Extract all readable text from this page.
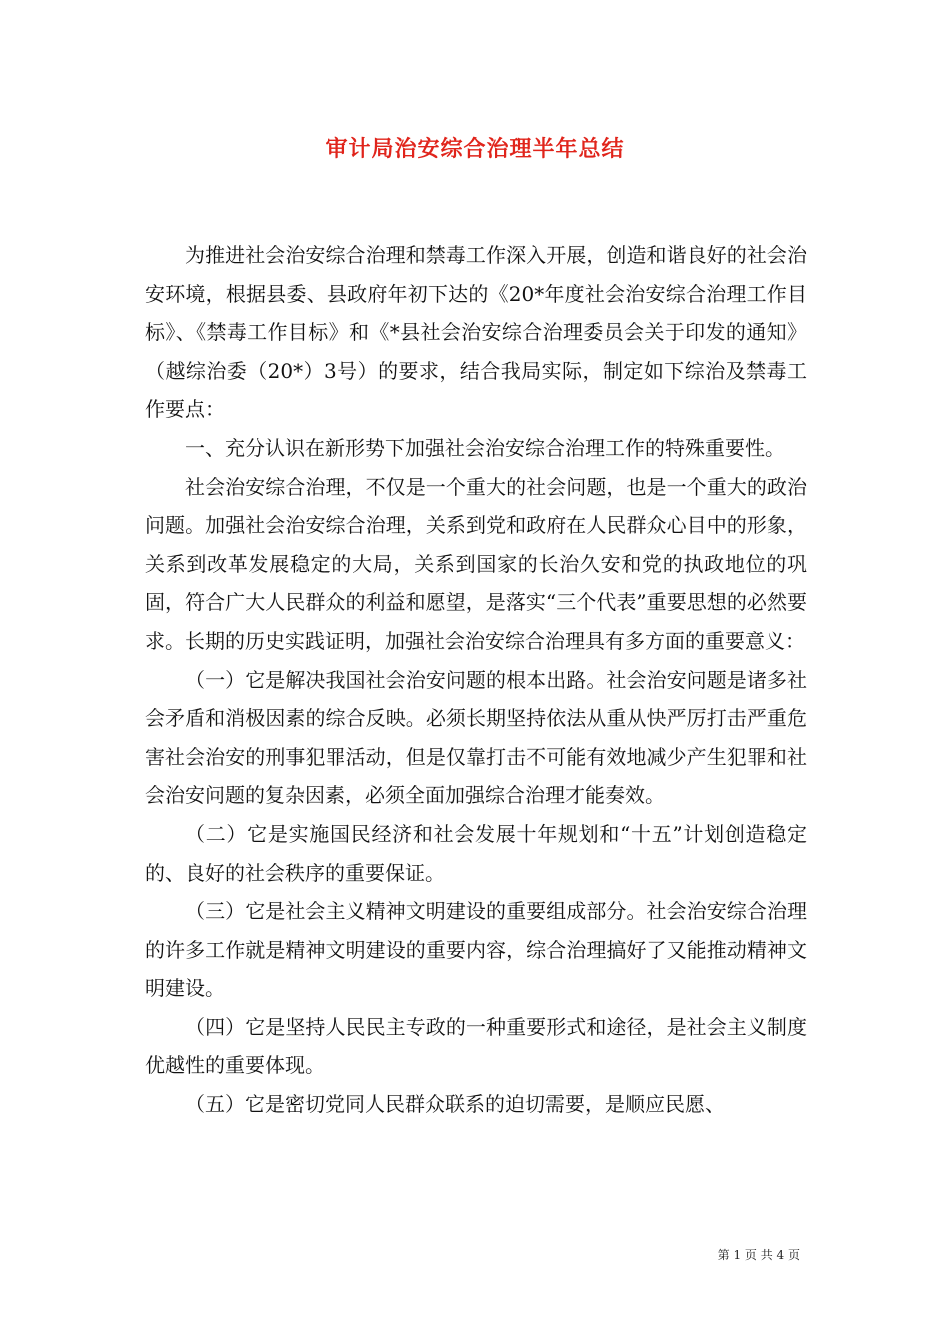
审计局治安综合治理半年总结

为推进社会治安综合治理和禁毒工作深入开展，创造和谐良好的社会治安环境，根据县委、县政府年初下达的《20*年度社会治安综合治理工作目标》、《禁毒工作目标》和《*县社会治安综合治理委员会关于印发的通知》（越综治委（20*）3号）的要求，结合我局实际，制定如下综治及禁毒工作要点：

一、充分认识在新形势下加强社会治安综合治理工作的特殊重要性。

社会治安综合治理，不仅是一个重大的社会问题，也是一个重大的政治问题。加强社会治安综合治理，关系到党和政府在人民群众心目中的形象，关系到改革发展稳定的大局，关系到国家的长治久安和党的执政地位的巩固，符合广大人民群众的利益和愿望，是落实“三个代表”重要思想的必然要求。长期的历史实践证明，加强社会治安综合治理具有多方面的重要意义：

（一）它是解决我国社会治安问题的根本出路。社会治安问题是诸多社会矛盾和消极因素的综合反映。必须长期坚持依法从重从快严厉打击严重危害社会治安的刑事犯罪活动，但是仅靠打击不可能有效地减少产生犯罪和社会治安问题的复杂因素，必须全面加强综合治理才能奏效。

（二）它是实施国民经济和社会发展十年规划和“十五”计划创造稳定的、良好的社会秩序的重要保证。

（三）它是社会主义精神文明建设的重要组成部分。社会治安综合治理的许多工作就是精神文明建设的重要内容，综合治理搞好了又能推动精神文明建设。

（四）它是坚持人民民主专政的一种重要形式和途径，是社会主义制度优越性的重要体现。

（五）它是密切党同人民群众联系的迫切需要，是顺应民愿、

第 1 页 共 4 页
